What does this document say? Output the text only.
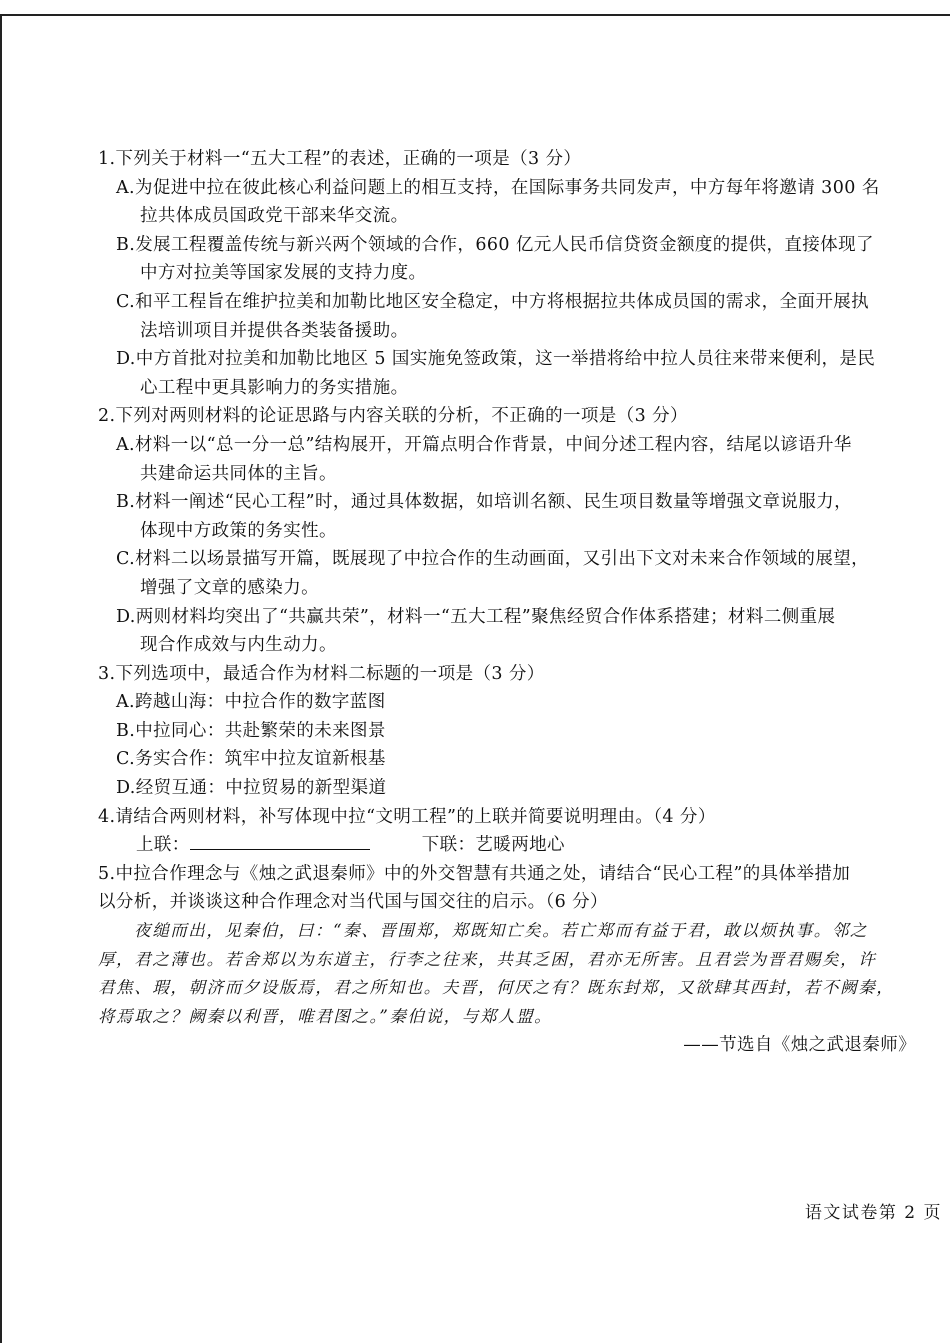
1.下列关于材料一“五大工程”的表述，正确的一项是（3 分）

A.为促进中拉在彼此核心利益问题上的相互支持，在国际事务共同发声，中方每年将邀请 300 名

拉共体成员国政党干部来华交流。

B.发展工程覆盖传统与新兴两个领域的合作，660 亿元人民币信贷资金额度的提供，直接体现了

中方对拉美等国家发展的支持力度。

C.和平工程旨在维护拉美和加勒比地区安全稳定，中方将根据拉共体成员国的需求，全面开展执

法培训项目并提供各类装备援助。

D.中方首批对拉美和加勒比地区 5 国实施免签政策，这一举措将给中拉人员往来带来便利，是民

心工程中更具影响力的务实措施。

2.下列对两则材料的论证思路与内容关联的分析，不正确的一项是（3 分）

A.材料一以“总一分一总”结构展开，开篇点明合作背景，中间分述工程内容，结尾以谚语升华

共建命运共同体的主旨。

B.材料一阐述“民心工程”时，通过具体数据，如培训名额、民生项目数量等增强文章说服力，

体现中方政策的务实性。

C.材料二以场景描写开篇，既展现了中拉合作的生动画面，又引出下文对未来合作领域的展望，

增强了文章的感染力。

D.两则材料均突出了“共赢共荣”，材料一“五大工程”聚焦经贸合作体系搭建；材料二侧重展

现合作成效与内生动力。

3.下列选项中，最适合作为材料二标题的一项是（3 分）

A.跨越山海：中拉合作的数字蓝图

B.中拉同心：共赴繁荣的未来图景

C.务实合作：筑牢中拉友谊新根基

D.经贸互通：中拉贸易的新型渠道

4.请结合两则材料，补写体现中拉“文明工程”的上联并简要说明理由。（4 分）

上联：	下联：艺暖两地心

5.中拉合作理念与《烛之武退秦师》中的外交智慧有共通之处，请结合“民心工程”的具体举措加

以分析，并谈谈这种合作理念对当代国与国交往的启示。（6 分）

夜缒而出，见秦伯，曰：“秦、晋围郑，郑既知亡矣。若亡郑而有益于君，敢以烦执事。邻之

厚，君之薄也。若舍郑以为东道主，行李之往来，共其乏困，君亦无所害。且君尝为晋君赐矣，许

君焦、瑕，朝济而夕设版焉，君之所知也。夫晋，何厌之有？既东封郑，又欲肆其西封，若不阙秦，

将焉取之？阙秦以利晋，唯君图之。”秦伯说，与郑人盟。

——节选自《烛之武退秦师》

语文试卷第 2 页
